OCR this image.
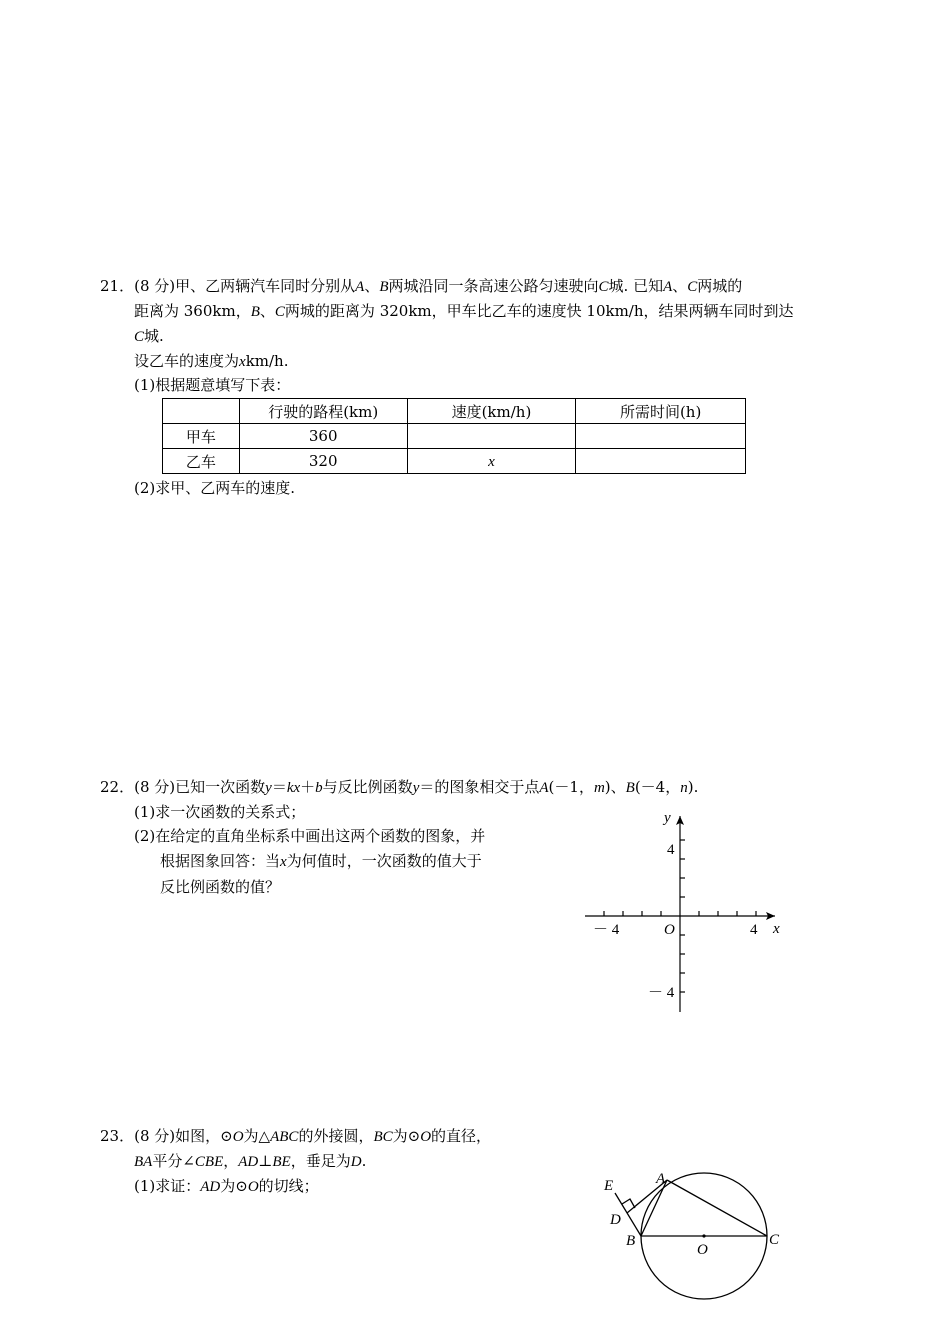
21．(8 分)甲、乙两辆汽车同时分别从A、B两城沿同一条高速公路匀速驶向C城. 已知A、C两城的
距离为 360km，B、C两城的距离为 320km，甲车比乙车的速度快 10km/h，结果两辆车同时到达
C城.
设乙车的速度为xkm/h.
(1)根据题意填写下表：
	行驶的路程(km)	速度(km/h)	所需时间(h)
甲车	360		
乙车	320	x	
(2)求甲、乙两车的速度.
22．(8 分)已知一次函数y＝kx＋b与反比例函数y＝的图象相交于点A(－1，m)、B(－4，n).
(1)求一次函数的关系式；
(2)在给定的直角坐标系中画出这两个函数的图象，并
根据图象回答：当x为何值时，一次函数的值大于
反比例函数的值？
y
x
O
4
4
－ 4
－ 4
23．(8 分)如图，⊙O为△ABC的外接圆，BC为⊙O的直径，
BA平分∠CBE，AD⊥BE，垂足为D.
(1)求证：AD为⊙O的切线；	E	A
D
B
O
C
